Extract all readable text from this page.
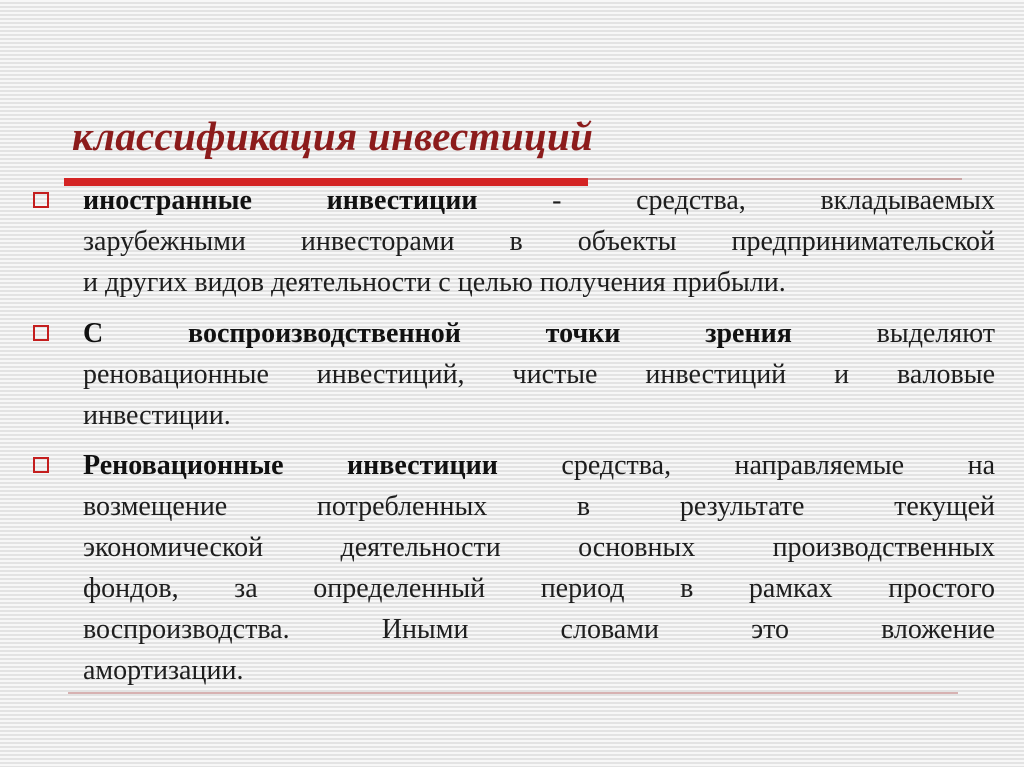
классификация инвестиций

иностранные инвестиции - средства, вкладываемых
зарубежными инвесторами в объекты предпринимательской
и других видов деятельности с целью получения прибыли.

С воспроизводственной точки зрения выделяют
реновационные инвестиций, чистые инвестиций и валовые
инвестиции.

Реновационные инвестиции средства, направляемые на
возмещение потребленных в результате текущей
экономической деятельности основных производственных
фондов, за определенный период в рамках простого
воспроизводства. Иными словами это вложение
амортизации.
